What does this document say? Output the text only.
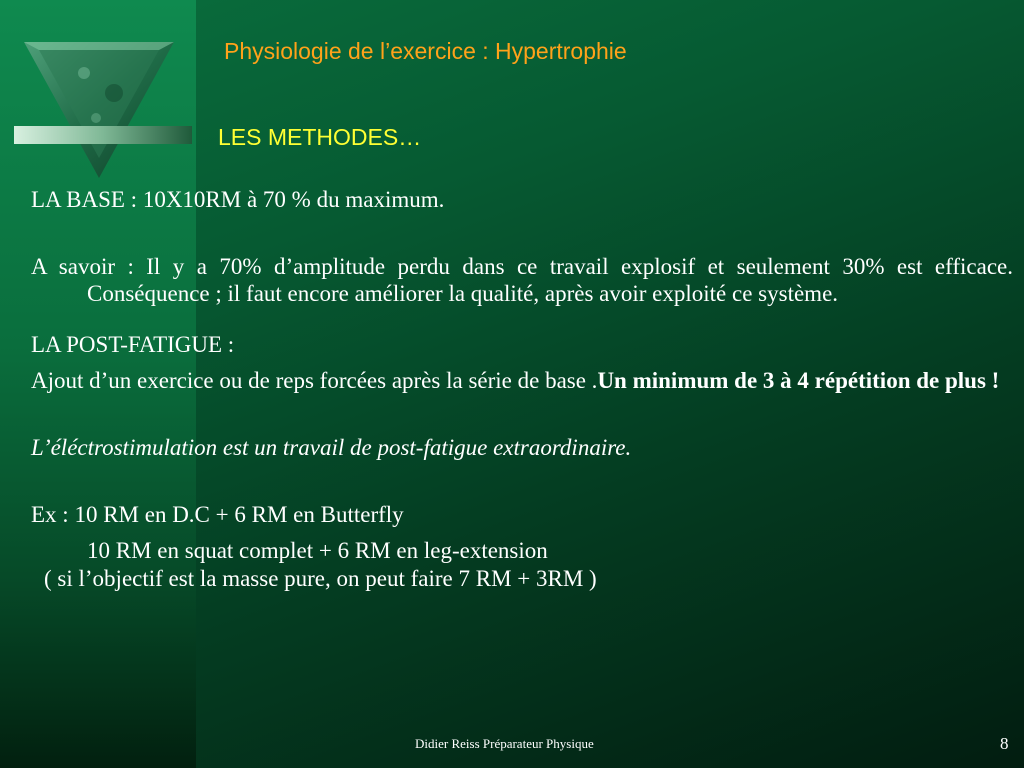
Physiologie de l’exercice : Hypertrophie
LES METHODES…

LA BASE : 10X10RM à 70 % du maximum.

A savoir : Il y a 70% d’amplitude perdu dans ce travail explosif et seulement 30% est efficace. Conséquence ; il faut encore améliorer la qualité, après avoir exploité ce système.

LA POST-FATIGUE :

Ajout d’un exercice ou de reps forcées après la série de base .Un minimum de 3 à 4 répétition de plus !

L’éléctrostimulation est un travail de post-fatigue extraordinaire.

Ex : 10 RM en D.C + 6 RM en Butterfly

10 RM en squat complet + 6 RM en leg-extension

( si l’objectif est la masse pure, on peut faire 7 RM + 3RM )

Didier Reiss Préparateur Physique	8
